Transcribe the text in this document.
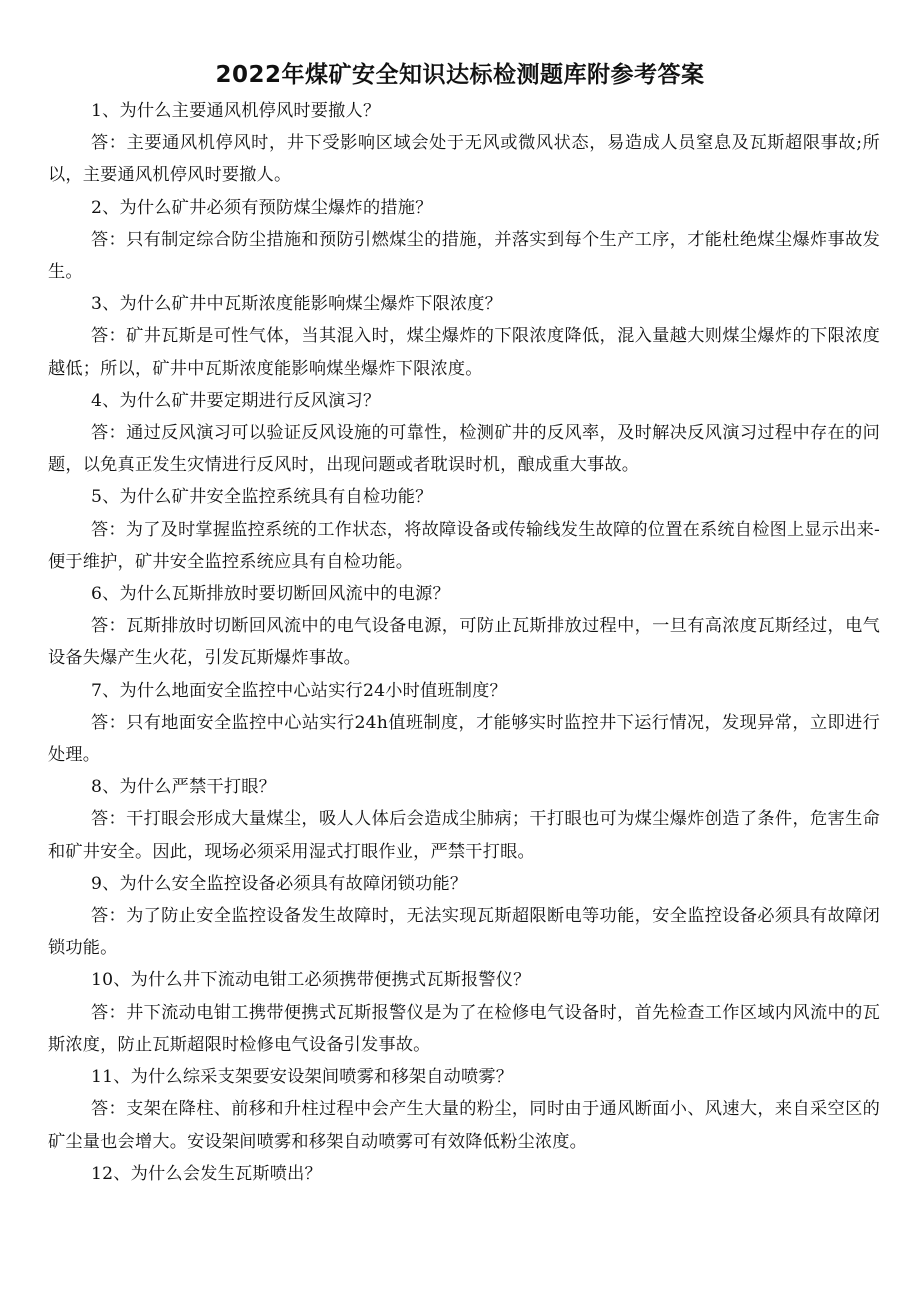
2022年煤矿安全知识达标检测题库附参考答案

1、为什么主要通风机停风时要撤人？

答：主要通风机停风时，井下受影响区域会处于无风或微风状态，易造成人员窒息及瓦斯超限事故;所以，主要通风机停风时要撤人。

2、为什么矿井必须有预防煤尘爆炸的措施？

答：只有制定综合防尘措施和预防引燃煤尘的措施，并落实到每个生产工序，才能杜绝煤尘爆炸事故发生。

3、为什么矿井中瓦斯浓度能影响煤尘爆炸下限浓度？

答：矿井瓦斯是可性气体，当其混入时，煤尘爆炸的下限浓度降低，混入量越大则煤尘爆炸的下限浓度越低；所以，矿井中瓦斯浓度能影响煤坐爆炸下限浓度。

4、为什么矿井要定期进行反风演习？

答：通过反风演习可以验证反风设施的可靠性，检测矿井的反风率，及时解决反风演习过程中存在的问题，以免真正发生灾情进行反风时，出现问题或者耽误时机，酿成重大事故。

5、为什么矿井安全监控系统具有自检功能？

答：为了及时掌握监控系统的工作状态，将故障设备或传输线发生故障的位置在系统自检图上显示出来-便于维护，矿井安全监控系统应具有自检功能。

6、为什么瓦斯排放时要切断回风流中的电源？

答：瓦斯排放时切断回风流中的电气设备电源，可防止瓦斯排放过程中，一旦有高浓度瓦斯经过，电气设备失爆产生火花，引发瓦斯爆炸事故。

7、为什么地面安全监控中心站实行24小时值班制度？

答：只有地面安全监控中心站实行24h值班制度，才能够实时监控井下运行情况，发现异常，立即进行处理。

8、为什么严禁干打眼？

答：干打眼会形成大量煤尘，吸人人体后会造成尘肺病；干打眼也可为煤尘爆炸创造了条件，危害生命和矿井安全。因此，现场必须采用湿式打眼作业，严禁干打眼。

9、为什么安全监控设备必须具有故障闭锁功能？

答：为了防止安全监控设备发生故障时，无法实现瓦斯超限断电等功能，安全监控设备必须具有故障闭锁功能。

10、为什么井下流动电钳工必须携带便携式瓦斯报警仪？

答：井下流动电钳工携带便携式瓦斯报警仪是为了在检修电气设备时，首先检查工作区域内风流中的瓦斯浓度，防止瓦斯超限时检修电气设备引发事故。

11、为什么综采支架要安设架间喷雾和移架自动喷雾？

答：支架在降柱、前移和升柱过程中会产生大量的粉尘，同时由于通风断面小、风速大，来自采空区的矿尘量也会增大。安设架间喷雾和移架自动喷雾可有效降低粉尘浓度。

12、为什么会发生瓦斯喷出？
